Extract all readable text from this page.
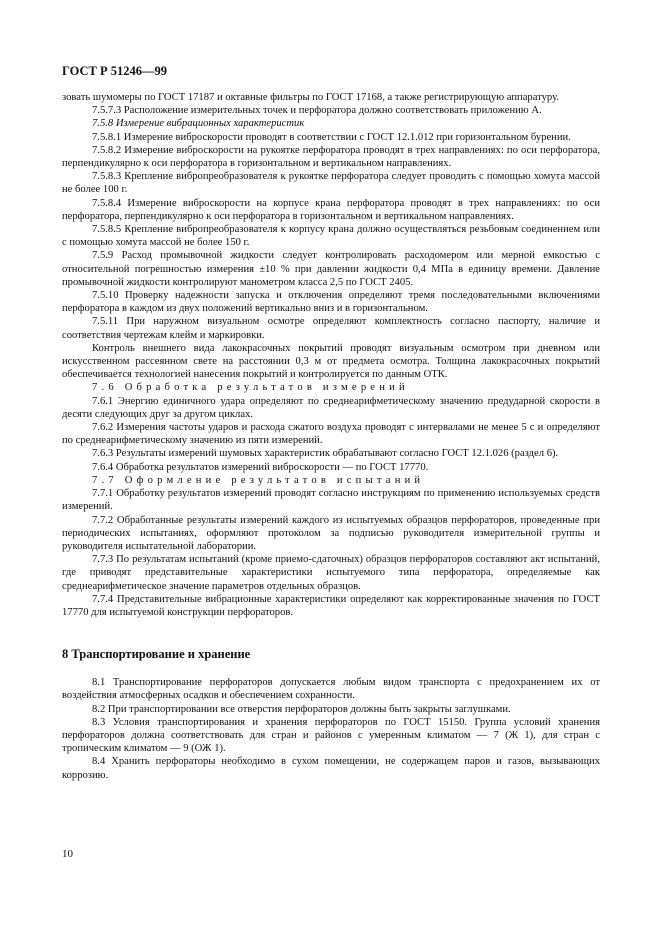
ГОСТ Р 51246—99

зовать шумомеры по ГОСТ 17187 и октавные фильтры по ГОСТ 17168, а также регистрирующую аппаратуру.

7.5.7.3 Расположение измерительных точек и перфоратора должно соответствовать приложению А.

7.5.8 Измерение вибрационных характеристик

7.5.8.1 Измерение виброскорости проводят в соответствии с ГОСТ 12.1.012 при горизонтальном бурении.

7.5.8.2 Измерение виброскорости на рукоятке перфоратора проводят в трех направлениях: по оси перфоратора, перпендикулярно к оси перфоратора в горизонтальном и вертикальном направлениях.

7.5.8.3 Крепление вибропреобразователя к рукоятке перфоратора следует проводить с помощью хомута массой не более 100 г.

7.5.8.4 Измерение виброскорости на корпусе крана перфоратора проводят в трех направлениях: по оси перфоратора, перпендикулярно к оси перфоратора в горизонтальном и вертикальном направлениях.

7.5.8.5 Крепление вибропреобразователя к корпусу крана должно осуществляться резьбовым соединением или с помощью хомута массой не более 150 г.

7.5.9 Расход промывочной жидкости следует контролировать расходомером или мерной емкостью с относительной погрешностью измерения ±10 % при давлении жидкости 0,4 МПа в единицу времени. Давление промывочной жидкости контролируют манометром класса 2,5 по ГОСТ 2405.

7.5.10 Проверку надежности запуска и отключения определяют тремя последовательными включениями перфоратора в каждом из двух положений вертикально вниз и в горизонтальном.

7.5.11 При наружном визуальном осмотре определяют комплектность согласно паспорту, наличие и соответствия чертежам клейм и маркировки.

Контроль внешнего вида лакокрасочных покрытий проводят визуальным осмотром при дневном или искусственном рассеянном свете на расстоянии 0,3 м от предмета осмотра. Толщина лакокрасочных покрытий обеспечивается технологией нанесения покрытий и контролируется по данным ОТК.

7.6 Обработка результатов измерений

7.6.1 Энергию единичного удара определяют по среднеарифметическому значению предударной скорости в десяти следующих друг за другом циклах.

7.6.2 Измерения частоты ударов и расхода сжатого воздуха проводят с интервалами не менее 5 с и определяют по среднеарифметическому значению из пяти измерений.

7.6.3 Результаты измерений шумовых характеристик обрабатывают согласно ГОСТ 12.1.026 (раздел 6).

7.6.4 Обработка результатов измерений виброскорости — по ГОСТ 17770.

7.7 Оформление результатов испытаний

7.7.1 Обработку результатов измерений проводят согласно инструкциям по применению используемых средств измерений.

7.7.2 Обработанные результаты измерений каждого из испытуемых образцов перфораторов, проведенные при периодических испытаниях, оформляют протоколом за подписью руководителя измерительной группы и руководителя испытательной лаборатории.

7.7.3 По результатам испытаний (кроме приемо-сдаточных) образцов перфораторов составляют акт испытаний, где приводят представительные характеристики испытуемого типа перфоратора, определяемые как среднеарифметическое значение параметров отдельных образцов.

7.7.4 Представительные вибрационные характеристики определяют как корректированные значения по ГОСТ 17770 для испытуемой конструкции перфораторов.

8 Транспортирование и хранение

8.1 Транспортирование перфораторов допускается любым видом транспорта с предохранением их от воздействия атмосферных осадков и обеспечением сохранности.

8.2 При транспортировании все отверстия перфораторов должны быть закрыты заглушками.

8.3 Условия транспортирования и хранения перфораторов по ГОСТ 15150. Группа условий хранения перфораторов должна соответствовать для стран и районов с умеренным климатом — 7 (Ж 1), для стран с тропическим климатом — 9 (ОЖ 1).

8.4 Хранить перфораторы необходимо в сухом помещении, не содержащем паров и газов, вызывающих коррозию.

10
